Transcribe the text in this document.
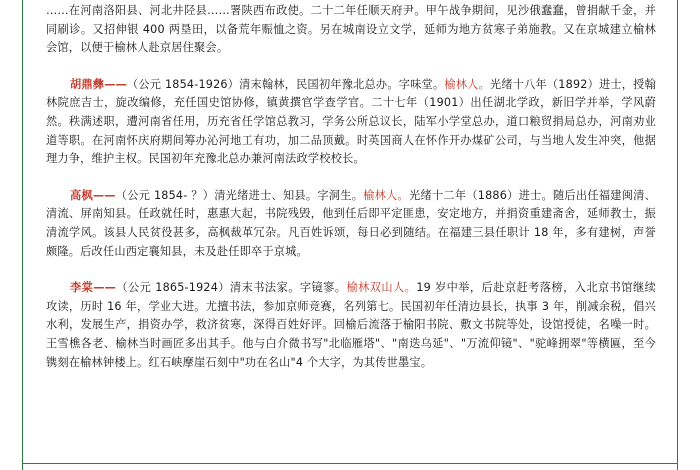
……在河南洛阳县、河北井陉县……署陕西布政使。二十二年任顺天府尹。甲午战争期间，见沙俄蠢蠢，曾捐献千金，并同刷诊。又招伸银 400 两垦田，以备荒年赈恤之资。另在城南设立文学，延师为地方贫寒子弟施教。又在京城建立榆林会馆，以便于榆林人赴京居住聚会。

胡鼎彝——（公元 1854-1926）清末翰林，民国初年豫北总办。字味堂。榆林人。光绪十八年（1892）进士，授翰林院庶吉士，旋改编修，充任国史馆协修，镇黄撰官学查学官。二十七年（1901）出任湖北学政，新旧学并举，学风蔚然。秩满述职，遭河南省任用，历充省任学馆总教习，学务公所总议长，陆军小学堂总办，道口粮贸捐局总办，河南劝业道等职。在河南怀庆府期间筹办沁河地工有功，加二品顶戴。时英国商人在怀作开办煤矿公司，与当地人发生冲突，他据理力争，维护主权。民国初年充豫北总办兼河南法政学校校长。

高枫——（公元 1854- ？）清光绪进士、知县。字洞生。榆林人。光绪十二年（1886）进士。随后出任福建闽清、清流、屏南知县。任政就任时，惠惠大起，书院残毁，他到任后即平定匪患，安定地方，并捐资重建斋舍，延师教士，振清流学风。该县人民贫役甚多，高枫裁革冗杂。凡百姓诉颂，每日必到随结。在福建三县任职计 18 年，多有建树，声誉颇隆。后改任山西定襄知县，未及赴任即卒于京城。

李棠——（公元 1865-1924）清末书法家。字镜寥。榆林双山人。19 岁中举，后赴京赶考落榜，入北京书馆继续攻读，历时 16 年，学业大进。尤擅书法，参加京师竞赛，名列第七。民国初年任清边县长，执事 3 年，削减余税，倡兴水利，发展生产，捐资办学，救济贫寒，深得百姓好评。回榆后流落于榆阳书院、敷文书院等处，设馆授徒，名噪一时。王雪樵各老、榆林当时画匠多出其手。他与白介微书写"北临雁塔"、"南迭乌延"、"万流仰镜"、"驼峰拥翠"等横匾，至今镌刻在榆林钟楼上。红石峡摩崖石刻中"功在名山"4 个大字，为其传世墨宝。
